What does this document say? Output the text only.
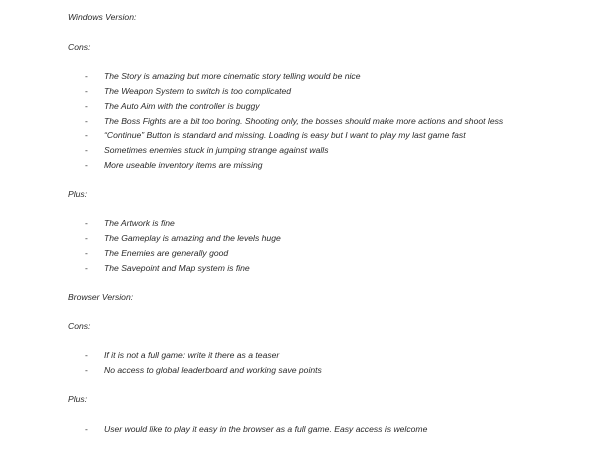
Windows Version:
Cons:
- The Story is amazing but more cinematic story telling would be nice
- The Weapon System to switch is too complicated
- The Auto Aim with the controller is buggy
- The Boss Fights are a bit too boring. Shooting only, the bosses should make more actions and shoot less
- “Continue” Button is standard and missing. Loading is easy but I want to play my last game fast
- Sometimes enemies stuck in jumping strange against walls
- More useable inventory items are missing
Plus:
- The Artwork is fine
- The Gameplay is amazing and the levels huge
- The Enemies are generally good
- The Savepoint and Map system is fine
Browser Version:
Cons:
- If it is not a full game: write it there as a teaser
- No access to global leaderboard and working save points
Plus:
- User would like to play it easy in the browser as a full game. Easy access is welcome
